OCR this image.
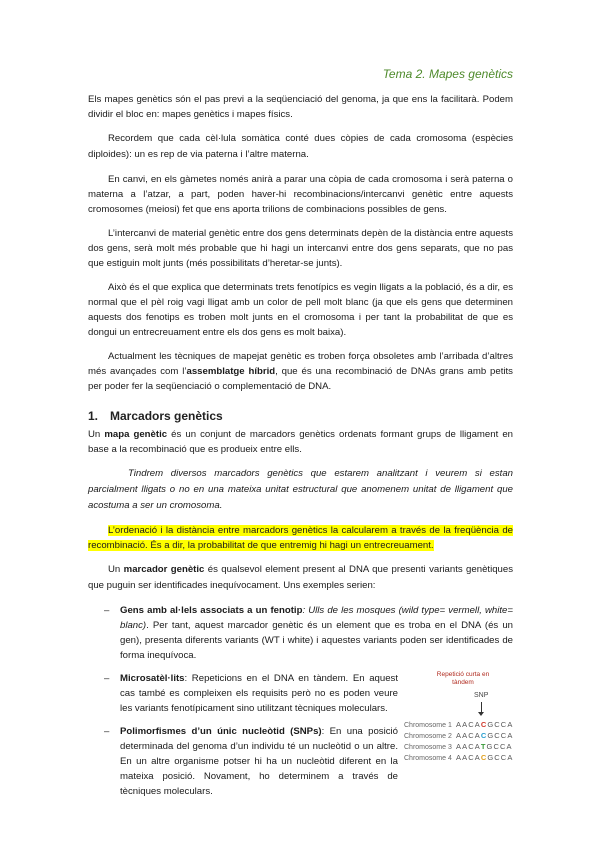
Tema 2. Mapes genètics

Els mapes genètics són el pas previ a la seqüenciació del genoma, ja que ens la facilitarà. Podem dividir el bloc en: mapes genètics i mapes físics.

Recordem que cada cèl·lula somàtica conté dues còpies de cada cromosoma (espècies diploides): un es rep de via paterna i l’altre materna.

En canvi, en els gàmetes només anirà a parar una còpia de cada cromosoma i serà paterna o materna a l’atzar, a part, poden haver-hi recombinacions/intercanvi genètic entre aquests cromosomes (meiosi) fet que ens aporta trilions de combinacions possibles de gens.

L’intercanvi de material genètic entre dos gens determinats depèn de la distància entre aquests dos gens, serà molt més probable que hi hagi un intercanvi entre dos gens separats, que no pas que estiguin molt junts (més possibilitats d’heretar-se junts).

Això és el que explica que determinats trets fenotípics es vegin lligats a la població, és a dir, es normal que el pèl roig vagi lligat amb un color de pell molt blanc (ja que els gens que determinen aquests dos fenotips es troben molt junts en el cromosoma i per tant la probabilitat de que es dongui un entrecreuament entre els dos gens es molt baixa).

Actualment les tècniques de mapejat genètic es troben força obsoletes amb l’arribada d’altres més avançades com l’assemblatge híbrid, que és una recombinació de DNAs grans amb petits per poder fer la seqüenciació o complementació de DNA.

1. Marcadors genètics

Un mapa genètic és un conjunt de marcadors genètics ordenats formant grups de lligament en base a la recombinació que es produeix entre ells.

Tindrem diversos marcadors genètics que estarem analitzant i veurem si estan parcialment lligats o no en una mateixa unitat estructural que anomenem unitat de lligament que acostuma a ser un cromosoma.

L’ordenació i la distància entre marcadors genètics la calcularem a través de la freqüència de recombinació. És a dir, la probabilitat de que entremig hi hagi un entrecreuament.

Un marcador genètic és qualsevol element present al DNA que presenti variants genètiques que puguin ser identificades inequívocament. Uns exemples serien:

– Gens amb al·lels associats a un fenotip: Ulls de les mosques (wild type= vermell, white= blanc). Per tant, aquest marcador genètic és un element que es troba en el DNA (és un gen), presenta diferents variants (WT i white) i aquestes variants poden ser identificades de forma inequívoca.
– Microsatèl·lits: Repeticions en el DNA en tàndem. En aquest cas també es compleixen els requisits però no es poden veure les variants fenotípicament sino utilitzant tècniques moleculars.
– Polimorfismes d’un únic nucleòtid (SNPs): En una posició determinada del genoma d’un individu té un nucleòtid o un altre. En un altre organisme potser hi ha un nucleòtid diferent en la mateixa posició. Novament, ho determinem a través de tècniques moleculars.
Repetició curta en tàndem
SNP
Chromosome 1 AACACGCCA
Chromosome 2 AACACGCCA
Chromosome 3 AACATGCCA
Chromosome 4 AACACGCCA
